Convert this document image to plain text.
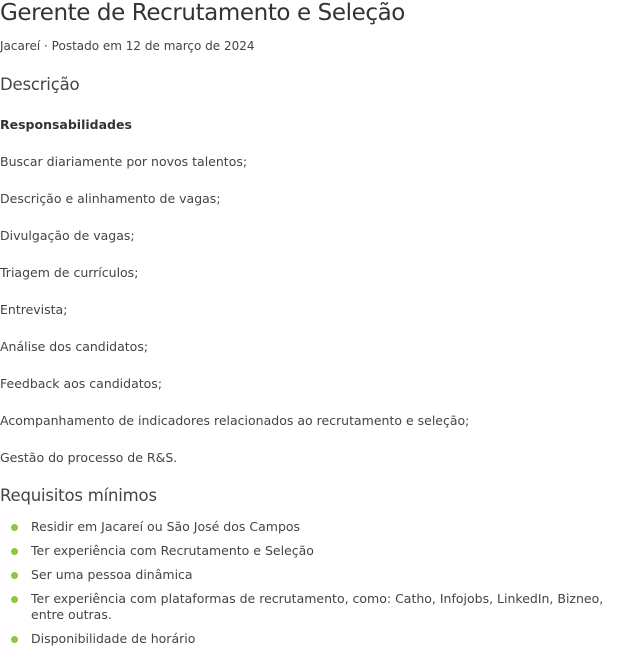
Gerente de Recrutamento e Seleção
Jacareí · Postado em 12 de março de 2024
Descrição
Responsabilidades
Buscar diariamente por novos talentos;
Descrição e alinhamento de vagas;
Divulgação de vagas;
Triagem de currículos;
Entrevista;
Análise dos candidatos;
Feedback aos candidatos;
Acompanhamento de indicadores relacionados ao recrutamento e seleção;
Gestão do processo de R&S.
Requisitos mínimos
Residir em Jacareí ou São José dos Campos
Ter experiência com Recrutamento e Seleção
Ser uma pessoa dinâmica
Ter experiência com plataformas de recrutamento, como: Catho, Infojobs, LinkedIn, Bizneo, entre outras.
Disponibilidade de horário
